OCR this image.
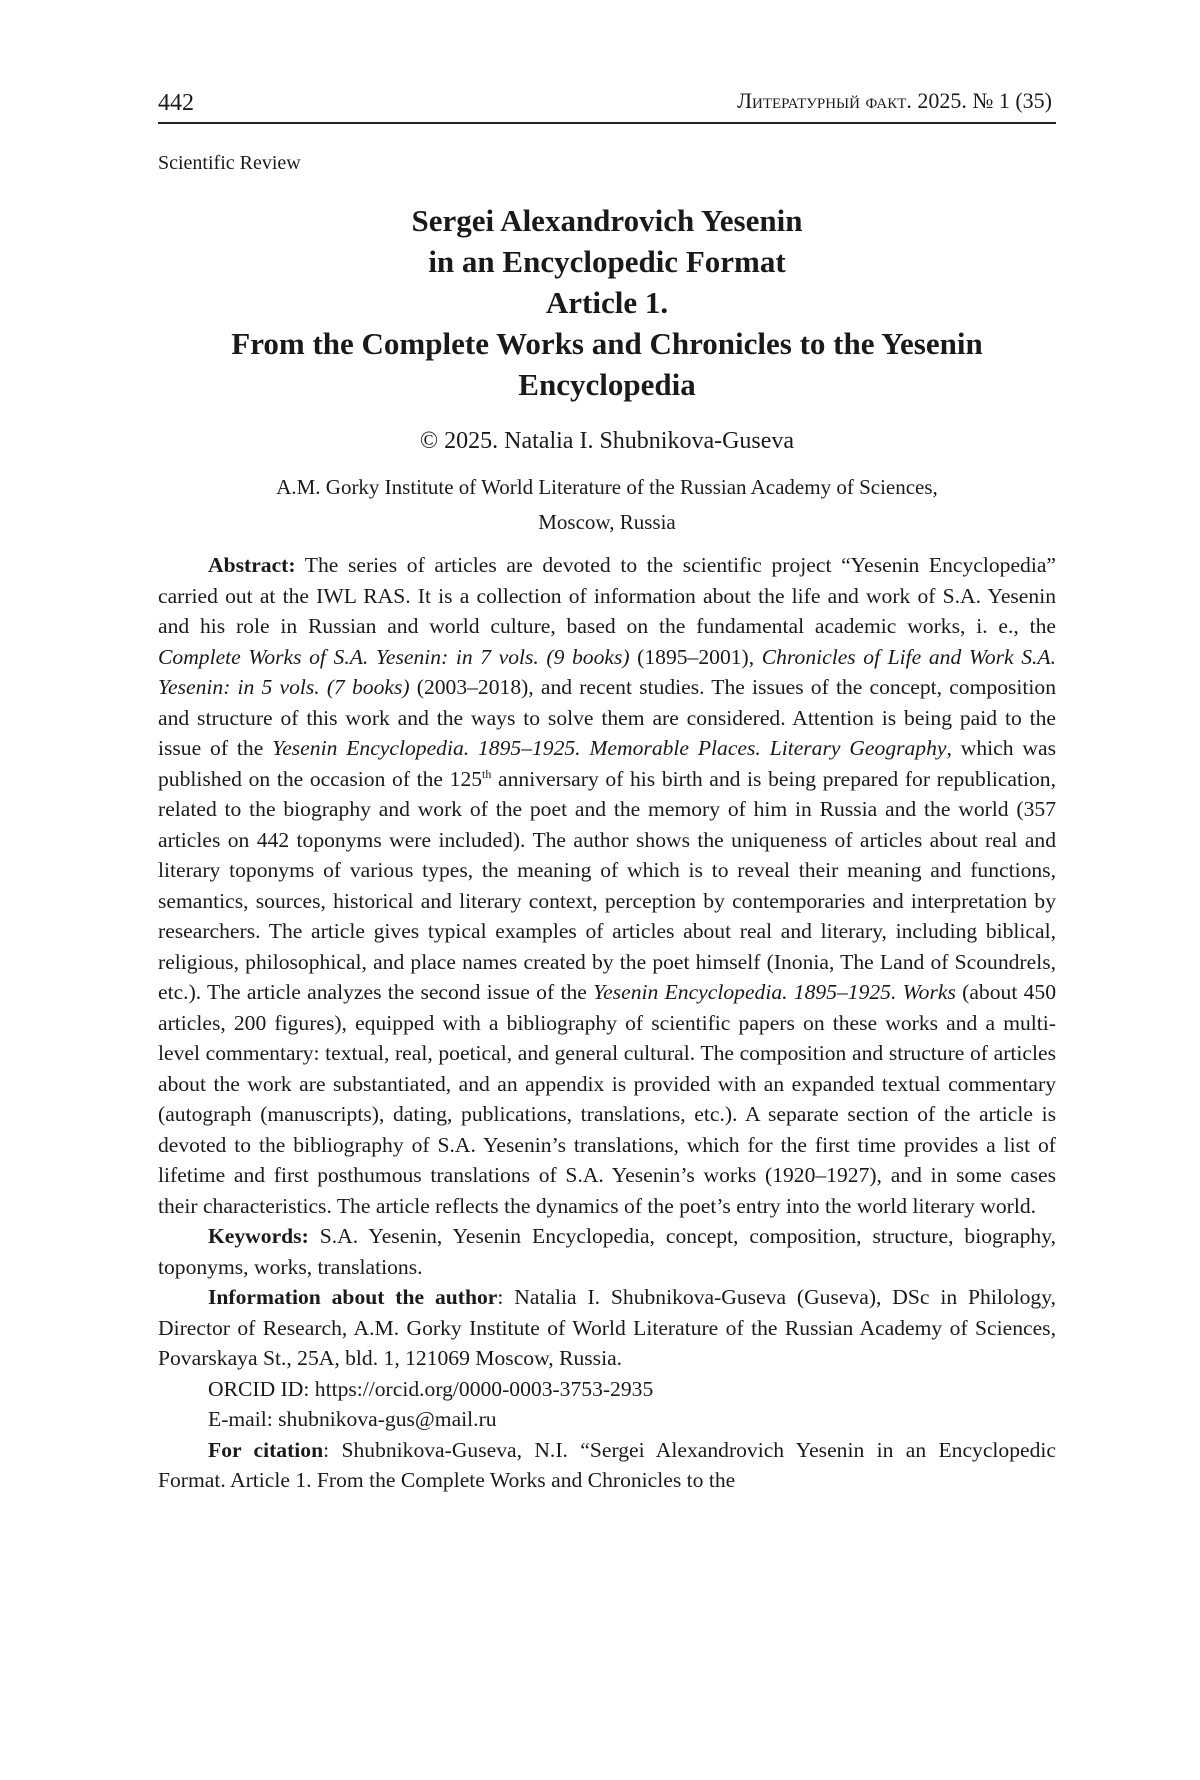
442	Литературный факт. 2025. № 1 (35)
Scientific Review
Sergei Alexandrovich Yesenin
in an Encyclopedic Format
Article 1.
From the Complete Works and Chronicles to the Yesenin
Encyclopedia
© 2025. Natalia I. Shubnikova-Guseva
A.M. Gorky Institute of World Literature of the Russian Academy of Sciences,
Moscow, Russia

Abstract: The series of articles are devoted to the scientific project “Yesenin Encyclopedia” carried out at the IWL RAS. It is a collection of information about the life and work of S.A. Yesenin and his role in Russian and world culture, based on the fundamental academic works, i. e., the Complete Works of S.A. Yesenin: in 7 vols. (9 books) (1895–2001), Chronicles of Life and Work S.A. Yesenin: in 5 vols. (7 books) (2003–2018), and recent studies. The issues of the concept, composition and structure of this work and the ways to solve them are considered. Attention is being paid to the issue of the Yesenin Encyclopedia. 1895–1925. Memorable Places. Literary Geography, which was published on the occasion of the 125th anniversary of his birth and is being prepared for republication, related to the biography and work of the poet and the memory of him in Russia and the world (357 articles on 442 toponyms were included). The author shows the uniqueness of articles about real and literary toponyms of various types, the meaning of which is to reveal their meaning and functions, semantics, sources, historical and literary context, perception by contemporaries and interpretation by researchers. The article gives typical examples of articles about real and literary, including biblical, religious, philosophical, and place names created by the poet himself (Inonia, The Land of Scoundrels, etc.). The article analyzes the second issue of the Yesenin Encyclopedia. 1895–1925. Works (about 450 articles, 200 figures), equipped with a bibliography of scientific papers on these works and a multi-level commentary: textual, real, poetical, and general cultural. The composition and structure of articles about the work are substantiated, and an appendix is provided with an expanded textual commentary (autograph (manuscripts), dating, publications, translations, etc.). A separate section of the article is devoted to the bibliography of S.A. Yesenin’s translations, which for the first time provides a list of lifetime and first posthumous translations of S.A. Yesenin’s works (1920–1927), and in some cases their characteristics. The article reflects the dynamics of the poet’s entry into the world literary world.

Keywords: S.A. Yesenin, Yesenin Encyclopedia, concept, composition, structure, biography, toponyms, works, translations.

Information about the author: Natalia I. Shubnikova-Guseva (Guseva), DSc in Philology, Director of Research, A.M. Gorky Institute of World Literature of the Russian Academy of Sciences, Povarskaya St., 25A, bld. 1, 121069 Moscow, Russia.

ORCID ID: https://orcid.org/0000-0003-3753-2935

E-mail: shubnikova-gus@mail.ru

For citation: Shubnikova-Guseva, N.I. “Sergei Alexandrovich Yesenin in an Encyclopedic Format. Article 1. From the Complete Works and Chronicles to the
